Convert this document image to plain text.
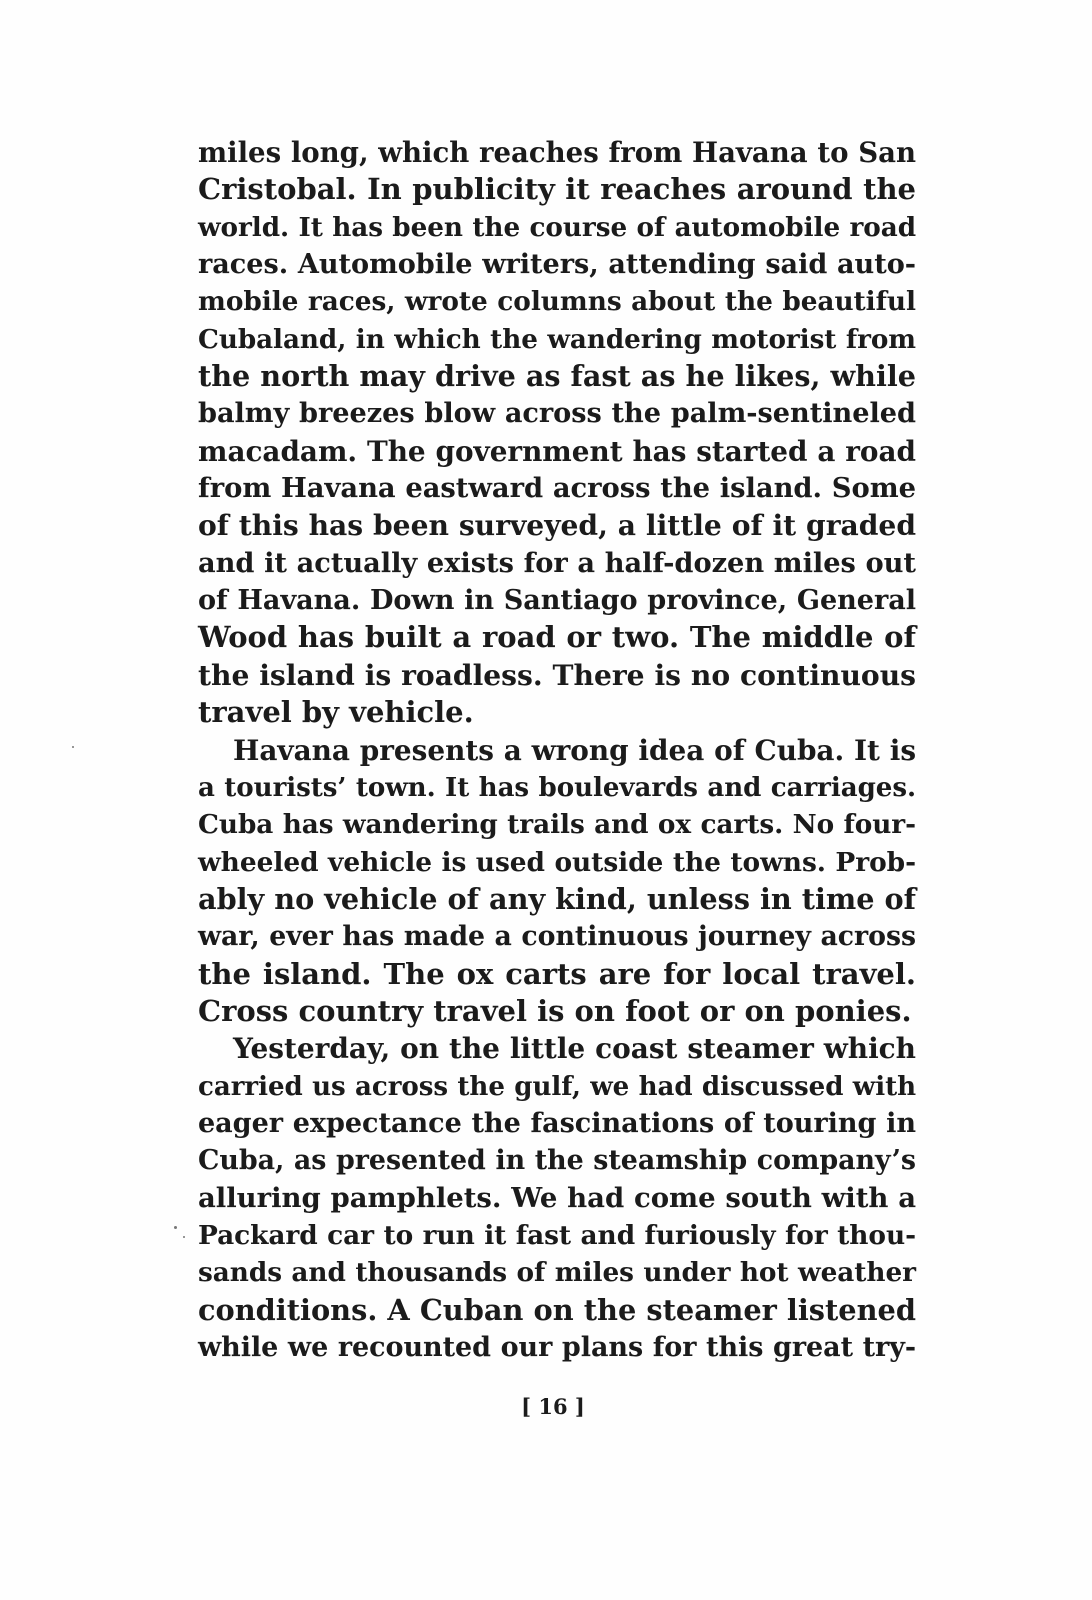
miles long, which reaches from Havana to San
Cristobal. In publicity it reaches around the
world. It has been the course of automobile road
races. Automobile writers, attending said auto-
mobile races, wrote columns about the beautiful
Cubaland, in which the wandering motorist from
the north may drive as fast as he likes, while
balmy breezes blow across the palm-sentineled
macadam. The government has started a road
from Havana eastward across the island. Some
of this has been surveyed, a little of it graded
and it actually exists for a half-dozen miles out
of Havana. Down in Santiago province, General
Wood has built a road or two. The middle of
the island is roadless. There is no continuous
travel by vehicle.
Havana presents a wrong idea of Cuba. It is
a tourists’ town. It has boulevards and carriages.
Cuba has wandering trails and ox carts. No four-
wheeled vehicle is used outside the towns. Prob-
ably no vehicle of any kind, unless in time of
war, ever has made a continuous journey across
the island. The ox carts are for local travel.
Cross country travel is on foot or on ponies.
Yesterday, on the little coast steamer which
carried us across the gulf, we had discussed with
eager expectance the fascinations of touring in
Cuba, as presented in the steamship company’s
alluring pamphlets. We had come south with a
Packard car to run it fast and furiously for thou-
sands and thousands of miles under hot weather
conditions. A Cuban on the steamer listened
while we recounted our plans for this great try-
[ 16 ]
